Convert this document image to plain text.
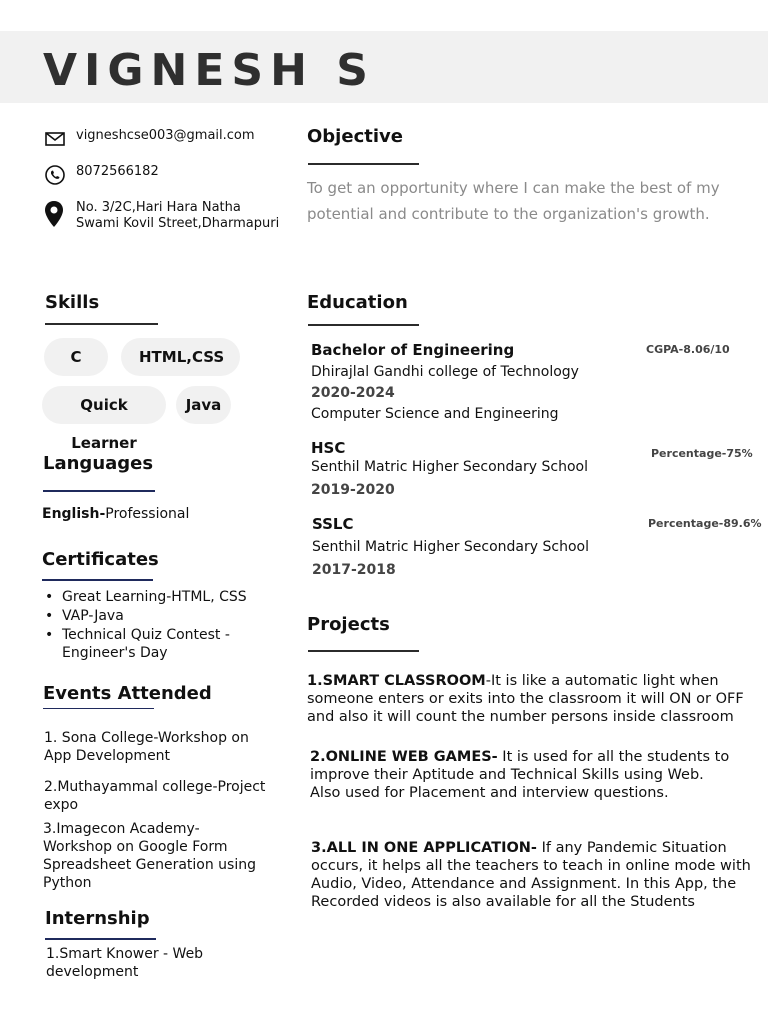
VIGNESH S
vigneshcse003@gmail.com
8072566182
No. 3/2C,Hari Hara Natha
Swami Kovil Street,Dharmapuri
Objective
To get an opportunity where I can make the best of my potential and contribute to the organization's growth.
Skills
C	HTML,CSS
Quick Learner
Java
Languages
English-Professional
Certificates
• Great Learning-HTML, CSS
• VAP-Java
• Technical Quiz Contest - Engineer's Day
Events Attended
1. Sona College-Workshop on App Development
2.Muthayammal college-Project expo
3.Imagecon Academy-Workshop on Google Form Spreadsheet Generation using Python
Internship
1.Smart Knower - Web development
Education
Bachelor of Engineering	CGPA-8.06/10
Dhirajlal Gandhi college of Technology
2020-2024
Computer Science and Engineering
HSC	Percentage-75%
Senthil Matric Higher Secondary School
2019-2020
SSLC	Percentage-89.6%
Senthil Matric Higher Secondary School
2017-2018
Projects
1.SMART CLASSROOM-It is like a automatic light when someone enters or exits into the classroom it will ON or OFF and also it will count the number persons inside classroom
2.ONLINE WEB GAMES- It is used for all the students to improve their Aptitude and Technical Skills using Web.
Also used for Placement and interview questions.
3.ALL IN ONE APPLICATION- If any Pandemic Situation occurs, it helps all the teachers to teach in online mode with Audio, Video, Attendance and Assignment. In this App, the Recorded videos is also available for all the Students
